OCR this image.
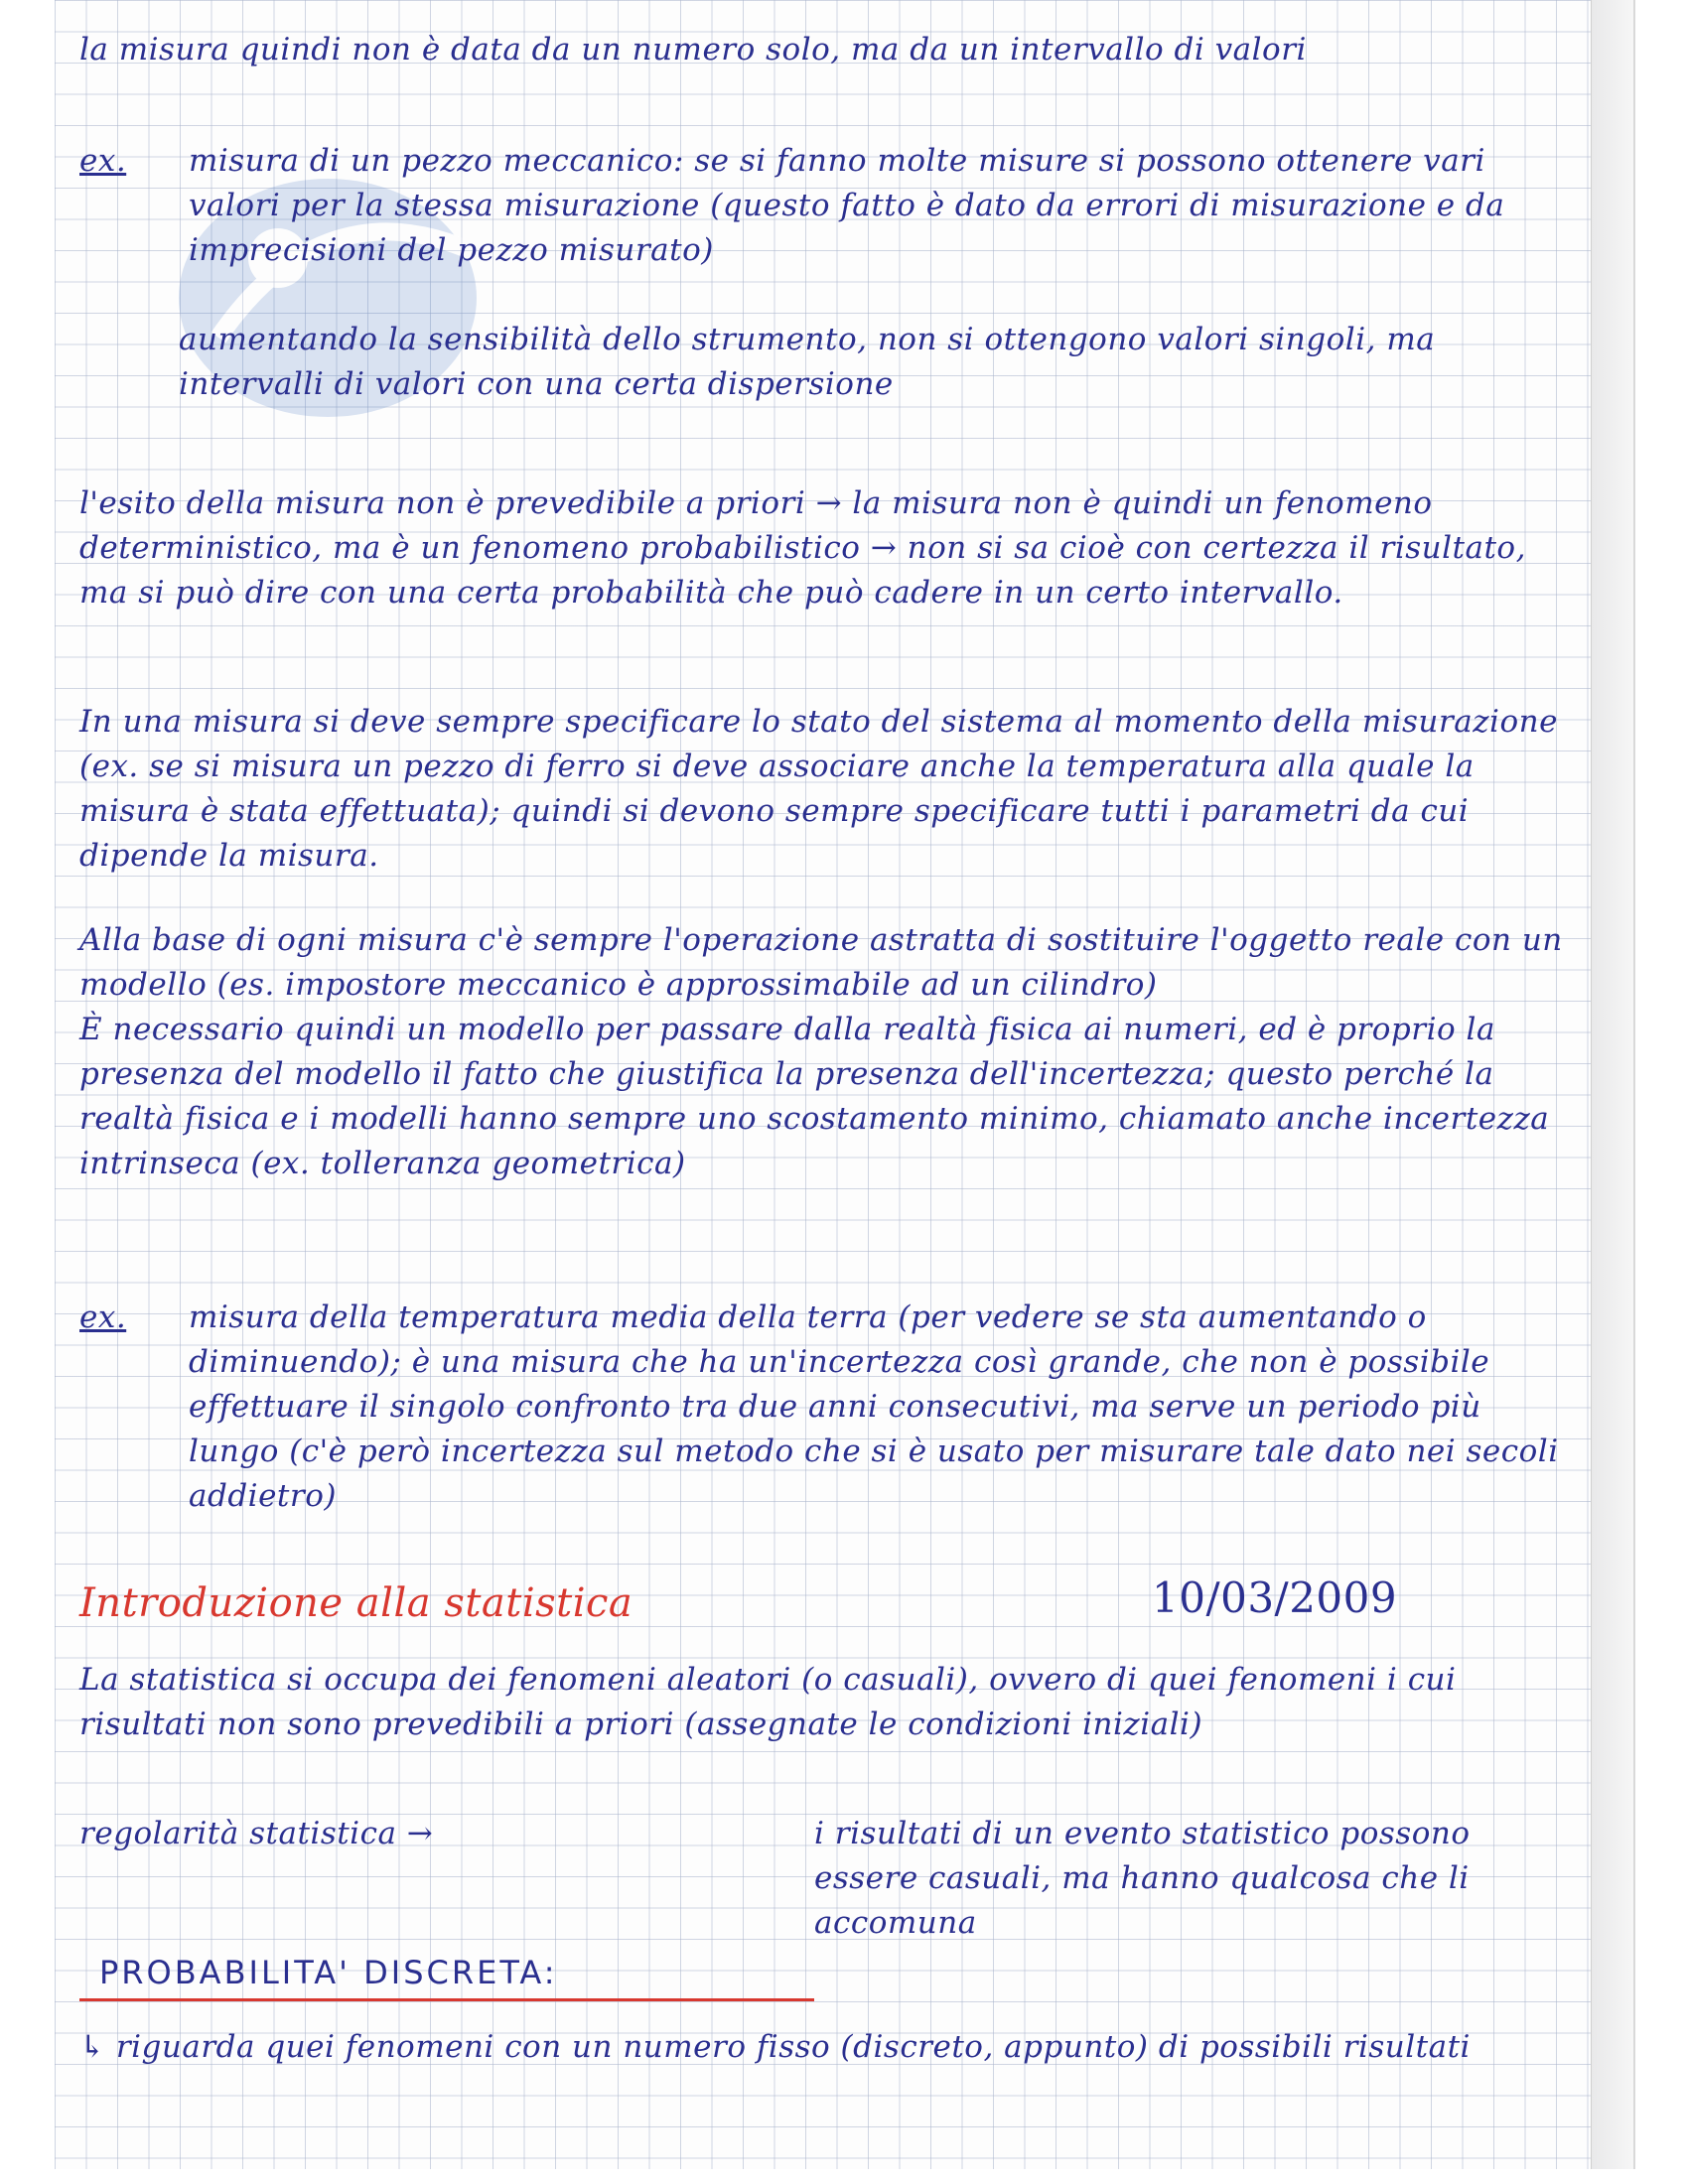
la misura quindi non è data da un numero solo, ma da un intervallo di valori
ex. misura di un pezzo meccanico: se si fanno molte misure si possono ottenere vari valori per la stessa misurazione (questo fatto è dato da errori di misurazione e da imprecisioni del pezzo misurato)
aumentando la sensibilità dello strumento, non si ottengono valori singoli, ma intervalli di valori con una certa dispersione
l'esito della misura non è prevedibile a priori → la misura non è quindi un fenomeno deterministico, ma è un fenomeno probabilistico → non si sa cioè con certezza il risultato, ma si può dire con una certa probabilità che può cadere in un certo intervallo.
In una misura si deve sempre specificare lo stato del sistema al momento della misurazione (ex. se si misura un pezzo di ferro si deve associare anche la temperatura alla quale la misura è stata effettuata); quindi si devono sempre specificare tutti i parametri da cui dipende la misura.
Alla base di ogni misura c'è sempre l'operazione astratta di sostituire l'oggetto reale con un modello (es. impostore meccanico è approssimabile ad un cilindro)
È necessario quindi un modello per passare dalla realtà fisica ai numeri, ed è proprio la presenza del modello il fatto che giustifica la presenza dell'incertezza; questo perché la realtà fisica e i modelli hanno sempre uno scostamento minimo, chiamato anche incertezza intrinseca (ex. tolleranza geometrica)
ex. misura della temperatura media della terra (per vedere se sta aumentando o diminuendo); è una misura che ha un'incertezza così grande, che non è possibile effettuare il singolo confronto tra due anni consecutivi, ma serve un periodo più lungo (c'è però incertezza sul metodo che si è usato per misurare tale dato nei secoli addietro)
Introduzione alla statistica	10/03/2009
La statistica si occupa dei fenomeni aleatori (o casuali), ovvero di quei fenomeni i cui risultati non sono prevedibili a priori (assegnate le condizioni iniziali)
regolarità statistica →	i risultati di un evento statistico possono essere casuali, ma hanno qualcosa che li accomuna
PROBABILITA' DISCRETA:
↳ riguarda quei fenomeni con un numero fisso (discreto, appunto) di possibili risultati
